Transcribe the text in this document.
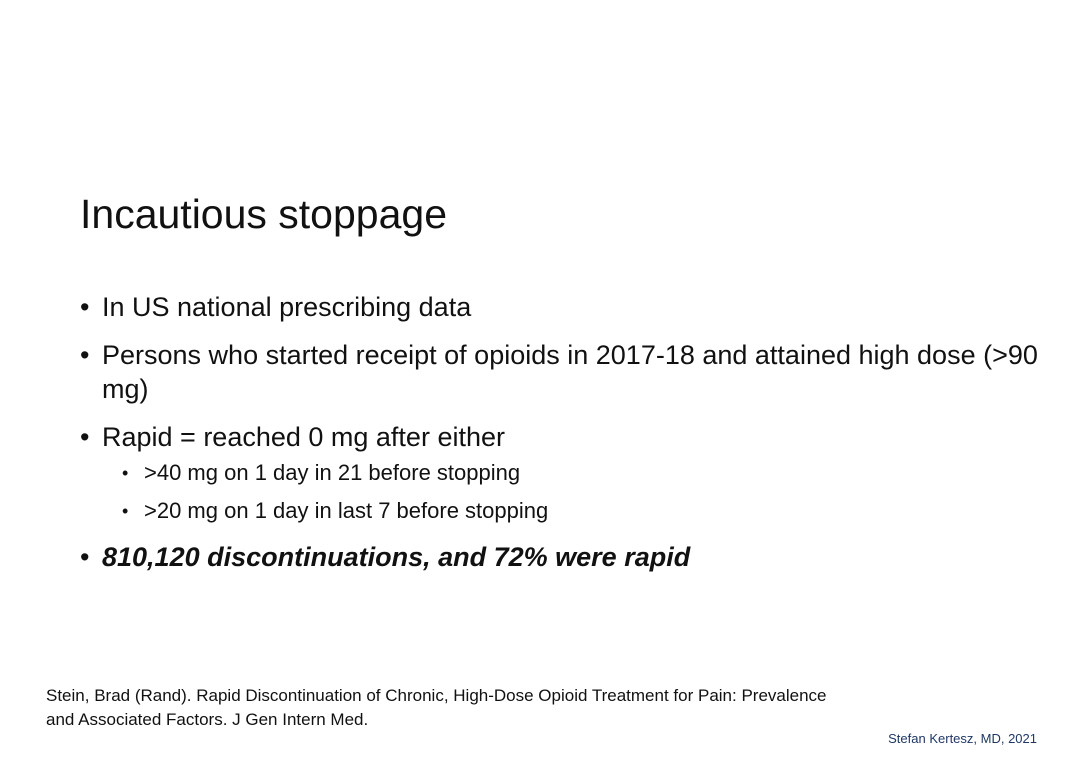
Incautious stoppage
• In US national prescribing data
• Persons who started receipt of opioids in 2017-18 and attained high dose (>90 mg)
• Rapid = reached 0 mg after either
• >40 mg on 1 day in 21 before stopping
• >20 mg on 1 day in last 7 before stopping
• 810,120 discontinuations, and 72% were rapid

Stein, Brad (Rand). Rapid Discontinuation of Chronic, High-Dose Opioid Treatment for Pain: Prevalence
and Associated Factors. J Gen Intern Med.

Stefan Kertesz, MD, 2021
